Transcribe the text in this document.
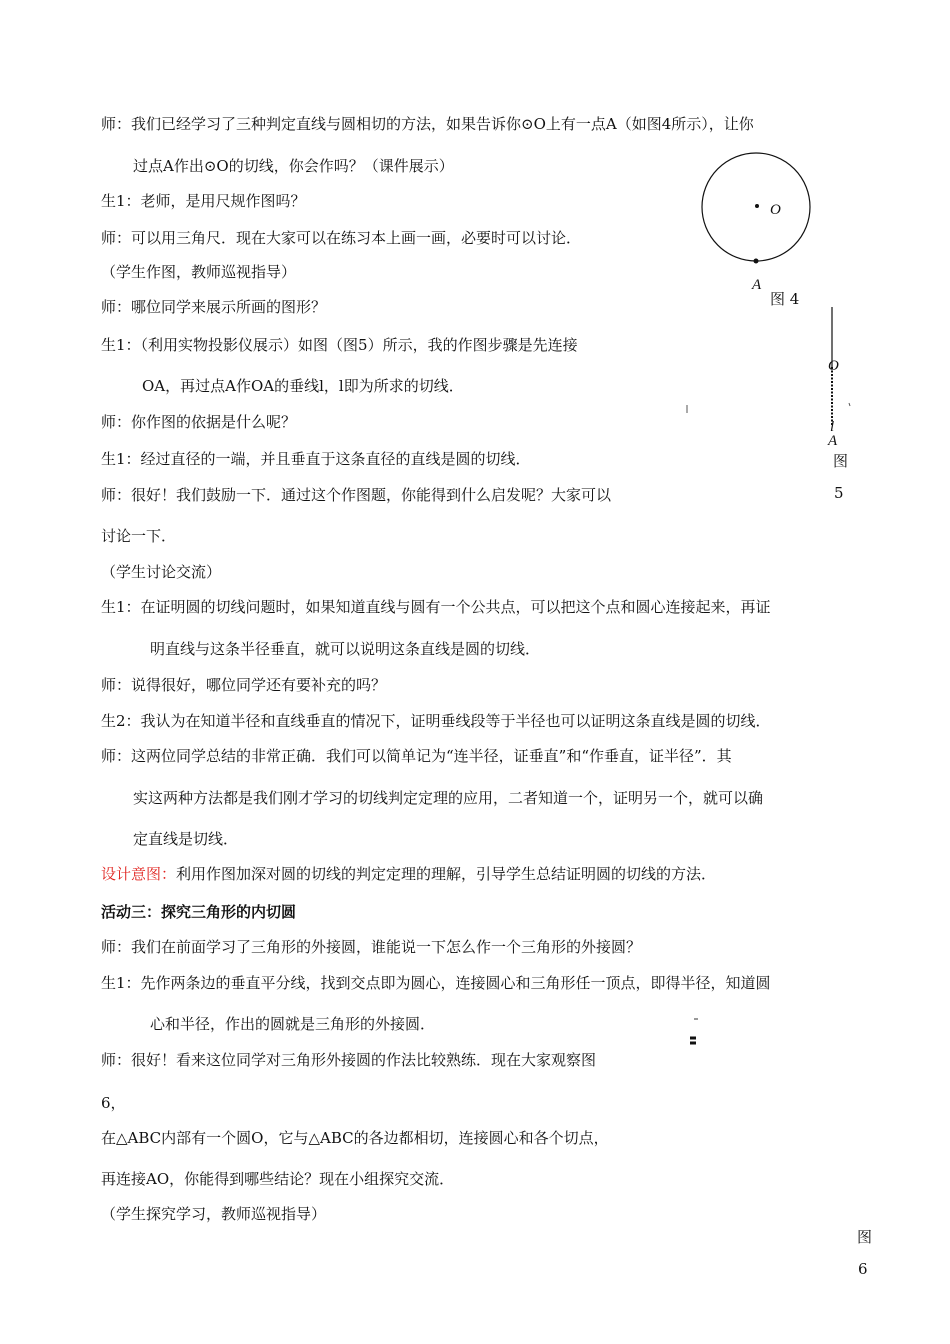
师：我们已经学习了三种判定直线与圆相切的方法，如果告诉你⊙O上有一点A（如图4所示），让你
过点A作出⊙O的切线，你会作吗？（课件展示）
生1：老师，是用尺规作图吗？
师：可以用三角尺．现在大家可以在练习本上画一画，必要时可以讨论．
（学生作图，教师巡视指导）
师：哪位同学来展示所画的图形？
生1：（利用实物投影仪展示）如图（图5）所示，我的作图步骤是先连接
OA，再过点A作OA的垂线l，l即为所求的切线．
师：你作图的依据是什么呢？
生1：经过直径的一端，并且垂直于这条直径的直线是圆的切线．
师：很好！我们鼓励一下．通过这个作图题，你能得到什么启发呢？大家可以
讨论一下．
（学生讨论交流）
生1：在证明圆的切线问题时，如果知道直线与圆有一个公共点，可以把这个点和圆心连接起来，再证
明直线与这条半径垂直，就可以说明这条直线是圆的切线．
师：说得很好，哪位同学还有要补充的吗？
生2：我认为在知道半径和直线垂直的情况下，证明垂线段等于半径也可以证明这条直线是圆的切线．
师：这两位同学总结的非常正确．我们可以简单记为“连半径，证垂直”和“作垂直，证半径”．其
实这两种方法都是我们刚才学习的切线判定定理的应用，二者知道一个，证明另一个，就可以确
定直线是切线．
设计意图：利用作图加深对圆的切线的判定定理的理解，引导学生总结证明圆的切线的方法．
活动三：探究三角形的内切圆
师：我们在前面学习了三角形的外接圆，谁能说一下怎么作一个三角形的外接圆？
生1：先作两条边的垂直平分线，找到交点即为圆心，连接圆心和三角形任一顶点，即得半径，知道圆
心和半径，作出的圆就是三角形的外接圆．
师：很好！看来这位同学对三角形外接圆的作法比较熟练．现在大家观察图
6，
在△ABC内部有一个圆O，它与△ABC的各边都相切，连接圆心和各个切点，
再连接AO，你能得到哪些结论？现在小组探究交流．
（学生探究学习，教师巡视指导）
O
A
图 4
O
l
A
图
5
图
6
